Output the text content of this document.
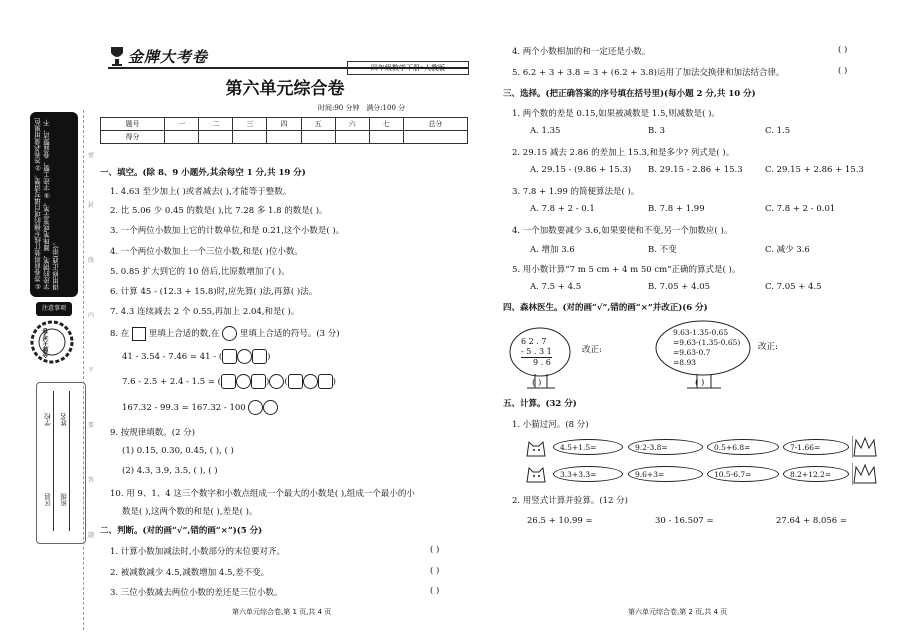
①答卷前将装订线左侧的项目填写清楚。②答卷必须用黑色字迹的钢笔、圆珠笔或签字笔。③字迹工整，卷面整洁，不得用修正液(带)。
注意事项
金牌大考卷
学校 姓名
区县 班级
密
封
线
内
不
要
答
题
金牌大考卷
四年级数学下册•人教版
第六单元综合卷
时间:90 分钟 满分:100 分
题号	一	二	三	四	五	六	七	总分
得分								
一、填空。(除 8、9 小题外,其余每空 1 分,共 19 分)
1. 4.63 至少加上( )或者减去( ),才能等于整数。
2. 比 5.06 少 0.45 的数是( ),比 7.28 多 1.8 的数是( )。
3. 一个两位小数加上它的计数单位,和是 0.21,这个小数是( )。
4. 一个两位小数加上一个三位小数,和是( )位小数。
5. 0.85 扩大到它的 10 倍后,比原数增加了( )。
6. 计算 45 - (12.3 + 15.8)时,应先算( )法,再算( )法。
7. 4.3 连续减去 2 个 0.55,再加上 2.04,和是( )。
8. 在 里填上合适的数,在 里填上合适的符号。(3 分)
41 - 3.54 - 7.46 = 41 - (	)
7.6 - 2.5 + 2.4 - 1.5 = (	) (	)
167.32 - 99.3 = 167.32 - 100
9. 按规律填数。(2 分)
(1) 0.15, 0.30, 0.45, ( ), ( )
(2) 4.3, 3.9, 3.5, ( ), ( )
10. 用 9、1、4 这三个数字和小数点组成一个最大的小数是( ),组成一个最小的小
数是( ),这两个数的和是( ),差是( )。
二、判断。(对的画“√”,错的画“×”)(5 分)
1. 计算小数加减法时,小数部分的末位要对齐。	( )
2. 被减数减少 4.5,减数增加 4.5,差不变。	( )
3. 三位小数减去两位小数的差还是三位小数。	( )
第六单元综合卷,第 1 页,共 4 页
4. 两个小数相加的和一定还是小数。	( )
5. 6.2 + 3 + 3.8 = 3 + (6.2 + 3.8)运用了加法交换律和加法结合律。	( )
三、选择。(把正确答案的序号填在括号里)(每小题 2 分,共 10 分)
1. 两个数的差是 0.15,如果被减数是 1.5,则减数是( )。
A. 1.35	B. 3	C. 1.5
2. 29.15 减去 2.86 的差加上 15.3,和是多少? 列式是( )。
A. 29.15 - (9.86 + 15.3) B. 29.15 - 2.86 + 15.3	C. 29.15 + 2.86 + 15.3
3. 7.8 + 1.99 的简便算法是( )。
A. 7.8 + 2 - 0.1	B. 7.8 + 1.99	C. 7.8 + 2 - 0.01
4. 一个加数要减少 3.6,如果要使和不变,另一个加数应( )。
A. 增加 3.6	B. 不变	C. 减少 3.6
5. 用小数计算“7 m 5 cm + 4 m 50 cm”正确的算式是( )。
A. 7.5 + 4.5	B. 7.05 + 4.05	C. 7.05 + 4.5
四、森林医生。(对的画“√”,错的画“×”并改正)(6 分)
6 2 . 7
- 5 . 3 1
9 . 6
( )
改正:
9.63-1.35-0.65
=9.63-(1.35-0.65)
=9.63-0.7
=8.93
( )
改正:
五、计算。(32 分)
1. 小猫过河。(8 分)
4.5+1.5=	9.2-3.8=	0.5+6.8=	7-1.66=
3.3+3.3=	9.6+3=	10.5-6.7=	8.2+12.2=
2. 用竖式计算并验算。(12 分)
26.5 + 10.99 =	30 - 16.507 =	27.64 + 8.056 =
第六单元综合卷,第 2 页,共 4 页
